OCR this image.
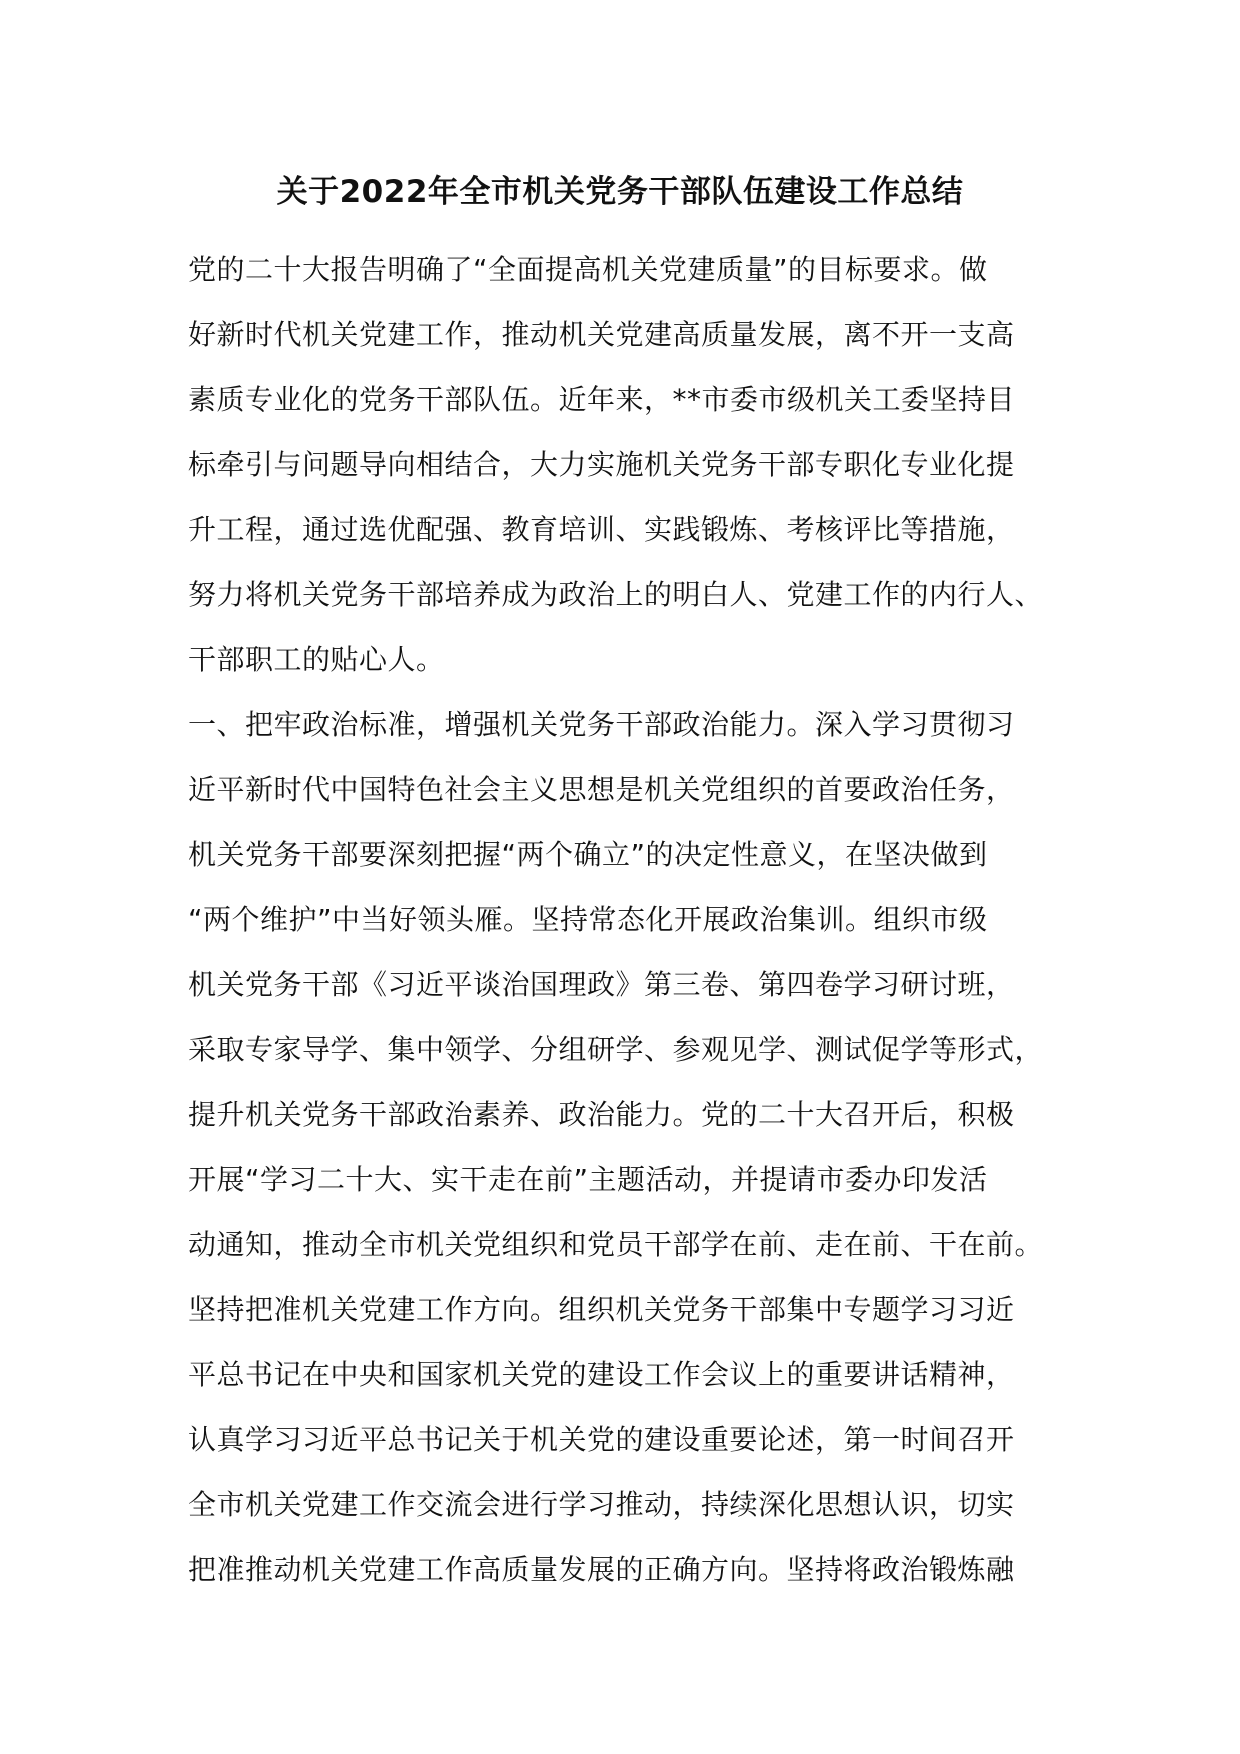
关于2022年全市机关党务干部队伍建设工作总结
党的二十大报告明确了“全面提高机关党建质量”的目标要求。做
好新时代机关党建工作，推动机关党建高质量发展，离不开一支高
素质专业化的党务干部队伍。近年来，**市委市级机关工委坚持目
标牵引与问题导向相结合，大力实施机关党务干部专职化专业化提
升工程，通过选优配强、教育培训、实践锻炼、考核评比等措施，
努力将机关党务干部培养成为政治上的明白人、党建工作的内行人、
干部职工的贴心人。
一、把牢政治标准，增强机关党务干部政治能力。深入学习贯彻习
近平新时代中国特色社会主义思想是机关党组织的首要政治任务，
机关党务干部要深刻把握“两个确立”的决定性意义，在坚决做到
“两个维护”中当好领头雁。坚持常态化开展政治集训。组织市级
机关党务干部《习近平谈治国理政》第三卷、第四卷学习研讨班，
采取专家导学、集中领学、分组研学、参观见学、测试促学等形式，
提升机关党务干部政治素养、政治能力。党的二十大召开后，积极
开展“学习二十大、实干走在前”主题活动，并提请市委办印发活
动通知，推动全市机关党组织和党员干部学在前、走在前、干在前。
坚持把准机关党建工作方向。组织机关党务干部集中专题学习习近
平总书记在中央和国家机关党的建设工作会议上的重要讲话精神，
认真学习习近平总书记关于机关党的建设重要论述，第一时间召开
全市机关党建工作交流会进行学习推动，持续深化思想认识，切实
把准推动机关党建工作高质量发展的正确方向。坚持将政治锻炼融
